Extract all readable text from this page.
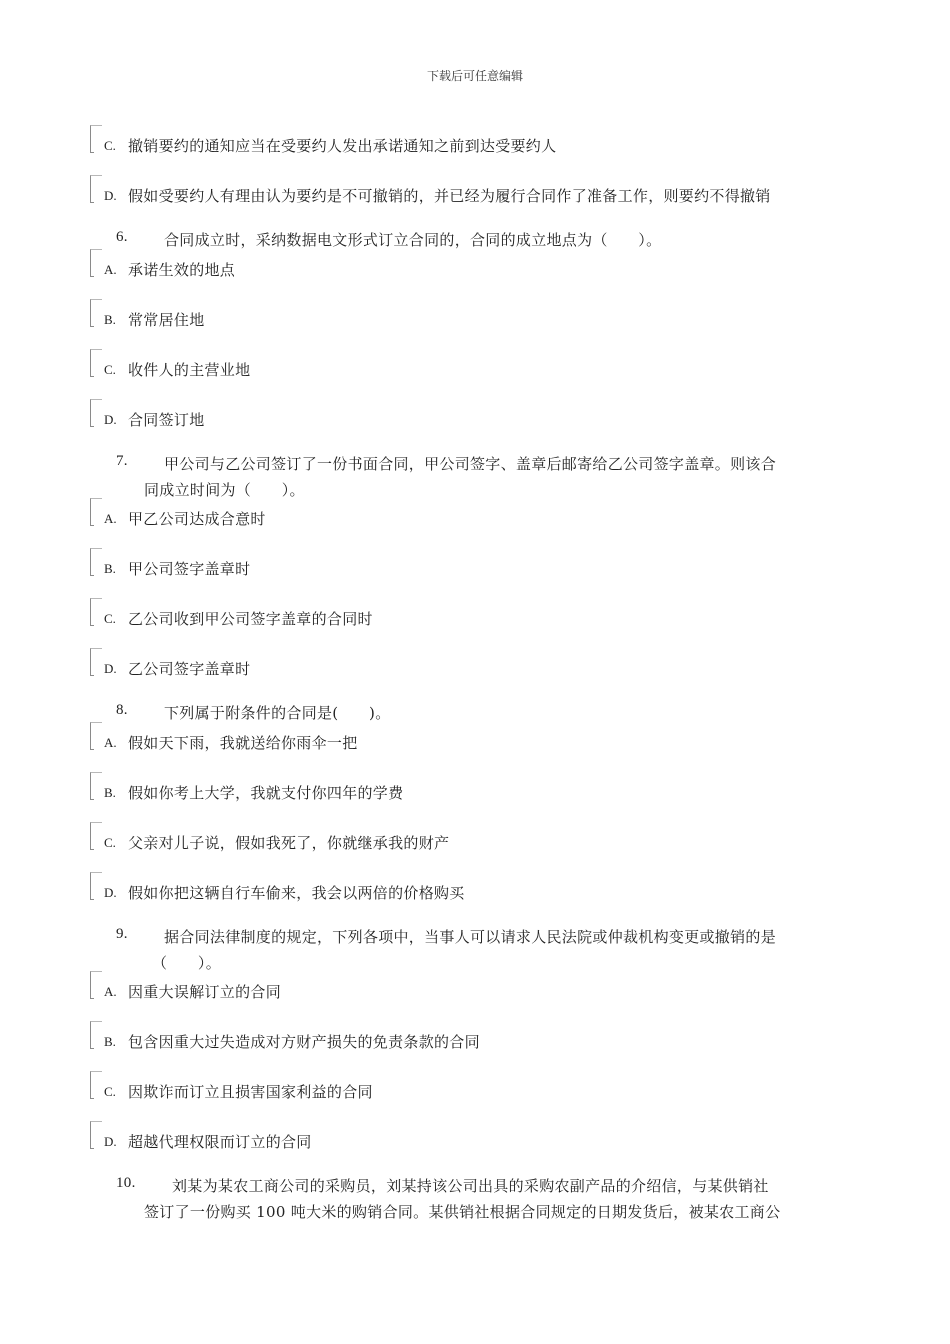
下载后可任意编辑
C. 撤销要约的通知应当在受要约人发出承诺通知之前到达受要约人
D. 假如受要约人有理由认为要约是不可撤销的，并已经为履行合同作了准备工作，则要约不得撤销
6. 合同成立时，采纳数据电文形式订立合同的，合同的成立地点为（　　）。
A. 承诺生效的地点
B. 常常居住地
C. 收件人的主营业地
D. 合同签订地
7. 甲公司与乙公司签订了一份书面合同，甲公司签字、盖章后邮寄给乙公司签字盖章。则该合
同成立时间为（　　）。
A. 甲乙公司达成合意时
B. 甲公司签字盖章时
C. 乙公司收到甲公司签字盖章的合同时
D. 乙公司签字盖章时
8. 下列属于附条件的合同是(　　)。
A. 假如天下雨，我就送给你雨伞一把
B. 假如你考上大学，我就支付你四年的学费
C. 父亲对儿子说，假如我死了，你就继承我的财产
D. 假如你把这辆自行车偷来，我会以两倍的价格购买
9. 据合同法律制度的规定，下列各项中，当事人可以请求人民法院或仲裁机构变更或撤销的是
（　　）。
A. 因重大误解订立的合同
B. 包含因重大过失造成对方财产损失的免责条款的合同
C. 因欺诈而订立且损害国家利益的合同
D. 超越代理权限而订立的合同
10. 刘某为某农工商公司的采购员，刘某持该公司出具的采购农副产品的介绍信，与某供销社
签订了一份购买 100 吨大米的购销合同。某供销社根据合同规定的日期发货后，被某农工商公
